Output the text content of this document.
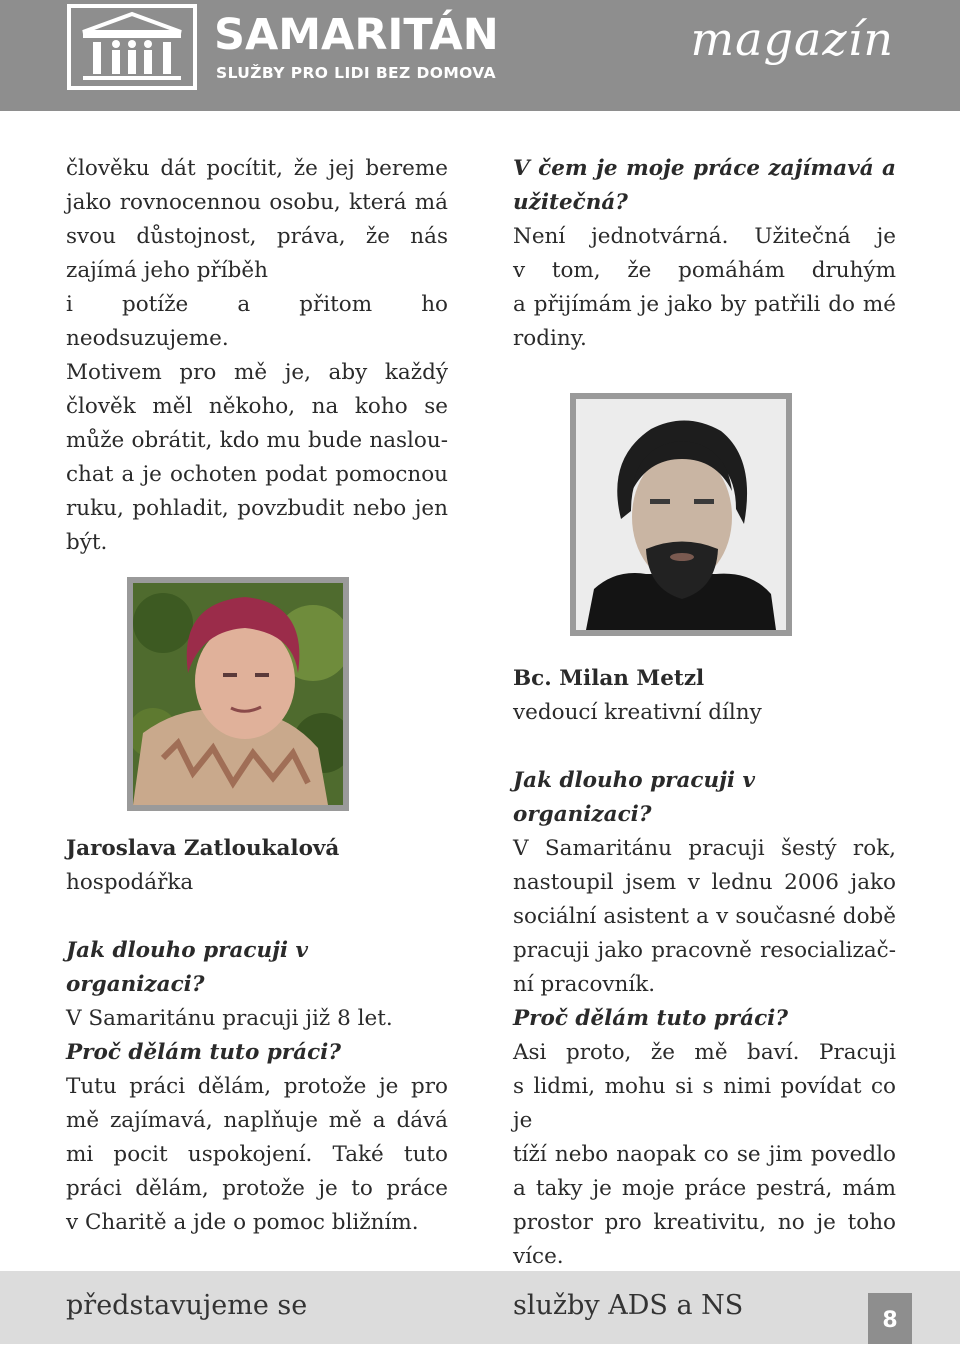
SAMARITÁN
SLUŽBY PRO LIDI BEZ DOMOVA
magazín

člověku dát pocítit, že jej bereme

jako rovnocennou osobu, která má

svou důstojnost, práva, že nás

zajímá jeho příběh

i potíže a přitom ho neodsuzujeme.

Motivem pro mě je, aby každý

člověk měl někoho, na koho se

může obrátit, kdo mu bude naslou-

chat a je ochoten podat pomocnou

ruku, pohladit, povzbudit nebo jen

být.

V čem je moje práce zajímavá a užitečná?

Není jednotvárná. Užitečná je

v tom, že pomáhám druhým

a přijímám je jako by patřili do mé

rodiny.

Bc. Milan Metzl

vedoucí kreativní dílny

Jak dlouho pracuji v organizaci?

V Samaritánu pracuji šestý rok,

nastoupil jsem v lednu 2006 jako

sociální asistent a v současné době

pracuji jako pracovně resocializač-

ní pracovník.

Proč dělám tuto práci?

Asi proto, že mě baví. Pracuji

s lidmi, mohu si s nimi povídat co je

tíží nebo naopak co se jim povedlo

a taky je moje práce pestrá, mám

prostor pro kreativitu, no je toho

více.

Jaroslava Zatloukalová

hospodářka

Jak dlouho pracuji v organizaci?

V Samaritánu pracuji již 8 let.

Proč dělám tuto práci?

Tutu práci dělám, protože je pro

mě zajímavá, naplňuje mě a dává

mi pocit uspokojení. Také tuto

práci dělám, protože je to práce

v Charitě a jde o pomoc bližním.

představujeme se	služby ADS a NS	8
